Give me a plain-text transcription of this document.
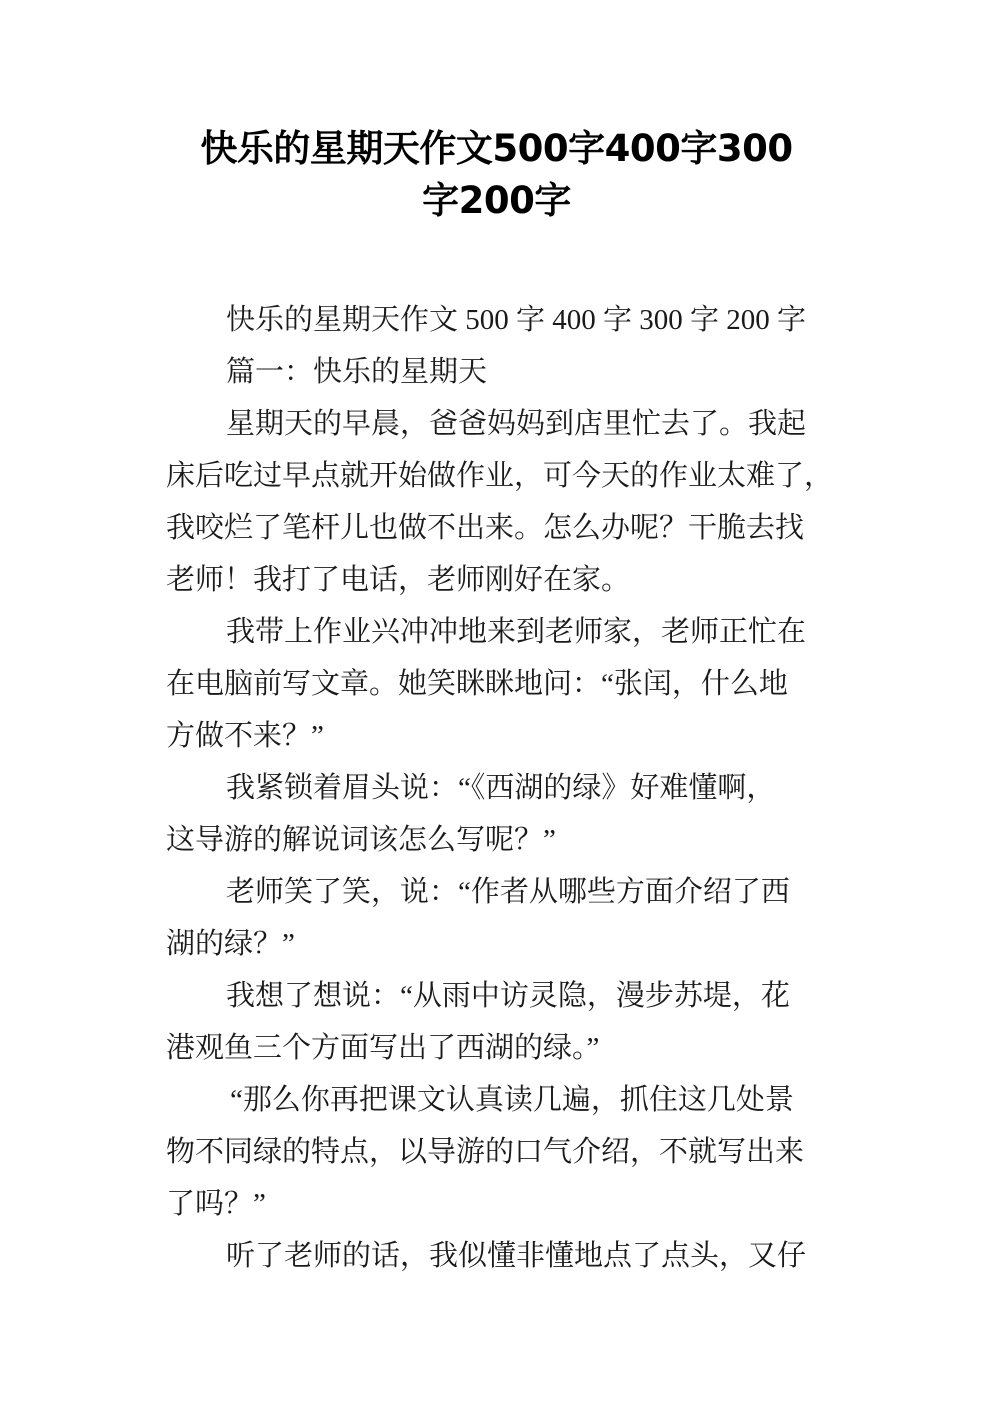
快乐的星期天作文500字400字300
字200字
快乐的星期天作文 500 字 400 字 300 字 200 字
篇一：快乐的星期天
星期天的早晨，爸爸妈妈到店里忙去了。我起
床后吃过早点就开始做作业，可今天的作业太难了，
我咬烂了笔杆儿也做不出来。怎么办呢？干脆去找
老师！我打了电话，老师刚好在家。
我带上作业兴冲冲地来到老师家，老师正忙在
在电脑前写文章。她笑眯眯地问：“张闰，什么地
方做不来？”
我紧锁着眉头说：“《西湖的绿》好难懂啊，
这导游的解说词该怎么写呢？”
老师笑了笑，说：“作者从哪些方面介绍了西
湖的绿？”
我想了想说：“从雨中访灵隐，漫步苏堤，花
港观鱼三个方面写出了西湖的绿。”
“那么你再把课文认真读几遍，抓住这几处景
物不同绿的特点，以导游的口气介绍，不就写出来
了吗？”
听了老师的话，我似懂非懂地点了点头，又仔
